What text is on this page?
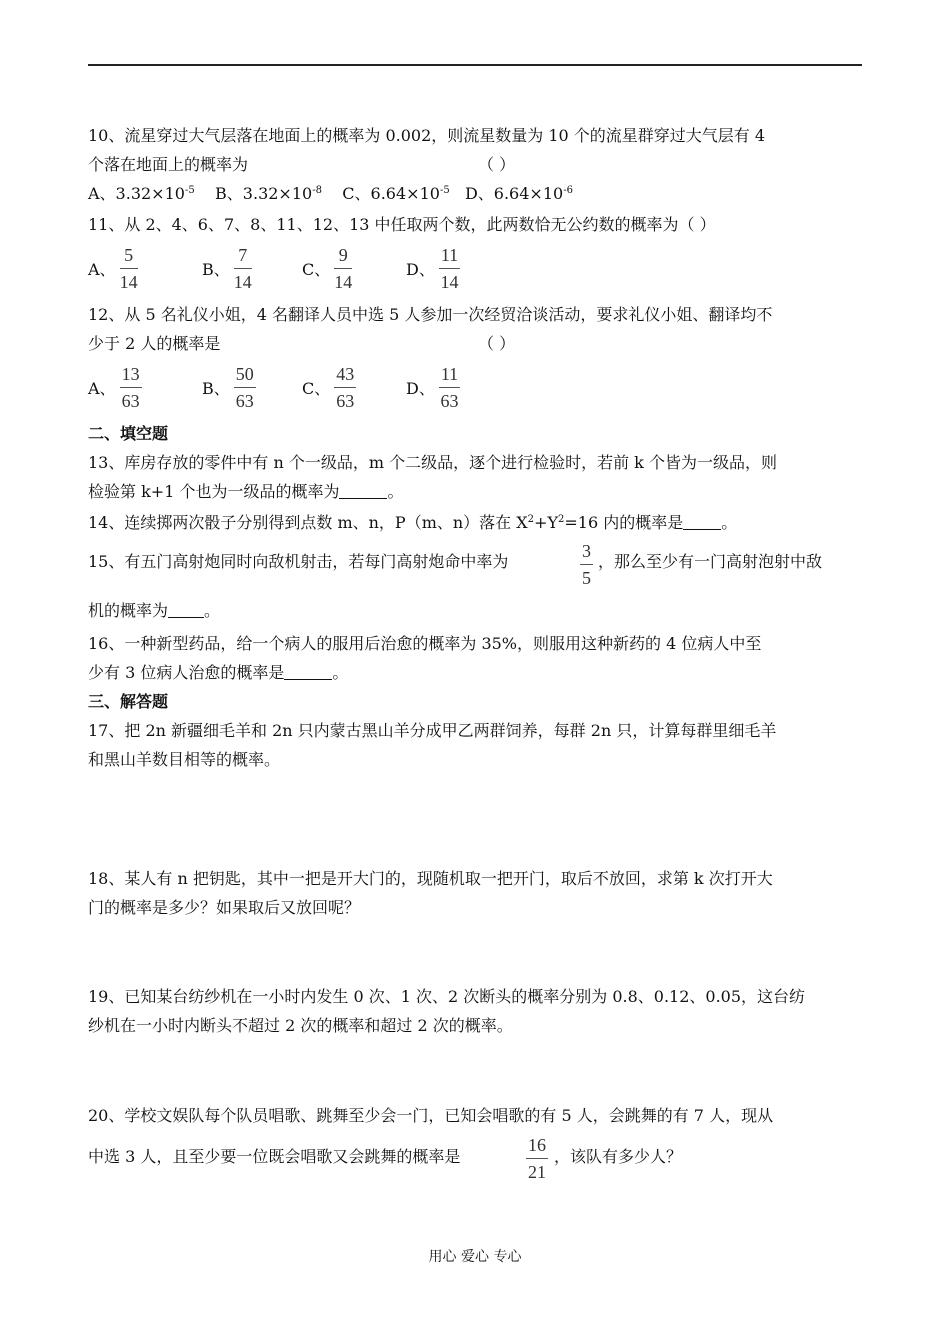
10、流星穿过大气层落在地面上的概率为 0.002，则流星数量为 10 个的流星群穿过大气层有 4
个落在地面上的概率为	（ ）
A、$3.32\times 10^{-5}$ B、$3.32\times 10^{-8}$ C、$6.64\times 10^{-5}$ D、$6.64\times 10^{-6}$
11、从 2、4、6、7、8、11、12、13 中任取两个数，此两数恰无公约数的概率为（ ）
A、 $\frac{5}{14}$	B、 $\frac{7}{14}$	C、 $\frac{9}{14}$	D、 $\frac{11}{14}$
12、从 5 名礼仪小姐，4 名翻译人员中选 5 人参加一次经贸洽谈活动，要求礼仪小姐、翻译均不
少于 2 人的概率是	（ ）
A、 $\frac{13}{63}$	B、 $\frac{50}{63}$	C、 $\frac{43}{63}$	D、 $\frac{11}{63}$
二、填空题
13、库房存放的零件中有 n 个一级品，m 个二级品，逐个进行检验时，若前 k 个皆为一级品，则
检验第 k+1 个也为一级品的概率为	。
14、连续掷两次骰子分别得到点数 m、n，P（m、n）落在 $X^2+Y^2=16$ 内的概率是 。
15、有五门高射炮同时向敌机射击，若每门高射炮命中率为	$\frac{3}{5}$ ，那么至少有一门高射泡射中敌
机的概率为 。
16、一种新型药品，给一个病人的服用后治愈的概率为 35%，则服用这种新药的 4 位病人中至
少有 3 位病人治愈的概率是	。
三、解答题
17、把 2n 新疆细毛羊和 2n 只内蒙古黑山羊分成甲乙两群饲养，每群 2n 只，计算每群里细毛羊
和黑山羊数目相等的概率。
18、某人有 n 把钥匙，其中一把是开大门的，现随机取一把开门，取后不放回，求第 k 次打开大
门的概率是多少？如果取后又放回呢？
19、已知某台纺纱机在一小时内发生 0 次、1 次、2 次断头的概率分别为 0.8、0.12、0.05，这台纺
纱机在一小时内断头不超过 2 次的概率和超过 2 次的概率。
20、学校文娱队每个队员唱歌、跳舞至少会一门，已知会唱歌的有 5 人，会跳舞的有 7 人，现从
中选 3 人，且至少要一位既会唱歌又会跳舞的概率是	$\frac{16}{21}$ ，该队有多少人？
用心 爱心 专心
